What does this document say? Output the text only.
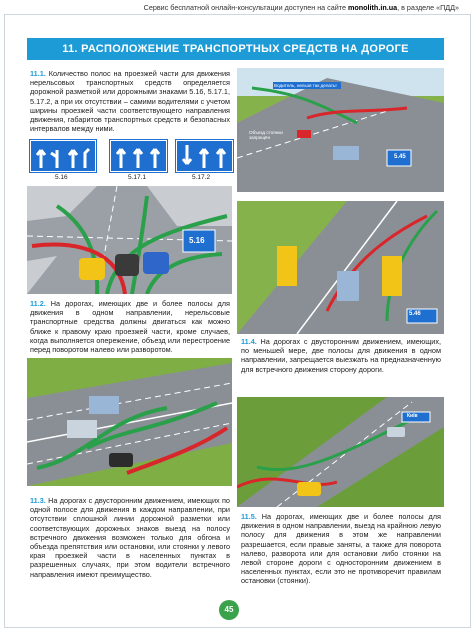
Сервис бесплатной онлайн-консультации доступен на сайте monolith.in.ua, в разделе «ПДД»
11. РАСПОЛОЖЕНИЕ ТРАНСПОРТНЫХ СРЕДСТВ НА ДОРОГЕ
11.1. Количество полос на проезжей части для движения нерельсовых транспортных средств определяется дорожной разметкой или дорожными знаками 5.16, 5.17.1, 5.17.2, а при их отсутствии – самими водителями с учетом ширины проезжей части соответствующего направления движения, габаритов транспортных средств и безопасных интервалов между ними.
5.16	5.17.1	5.17.2
5.16
11.2. На дорогах, имеющих две и более полосы для движения в одном направлении, нерельсовые транспортные средства должны двигаться как можно ближе к правому краю проезжей части, кроме случаев, когда выполняется опережение, объезд или перестроение перед поворотом налево или разворотом.
11.3. На дорогах с двусторонним движением, имеющих по одной полосе для движения в каждом направлении, при отсутствии сплошной линии дорожной разметки или соответствующих дорожных знаков выезд на полосу встречного движения возможен только для обгона и объезда препятствия или остановки, или стоянки у левого края проезжей части в населенных пунктах в разрешенных случаях, при этом водители встречного направления имеют преимущество.
Водитель, нельзя так делать!
Объезд стоянки запрещён
5.45
5.46
11.4. На дорогах с двусторонним движением, имеющих, по меньшей мере, две полосы для движения в одном направлении, запрещается выезжать на предназначенную для встречного движения сторону дороги.
Київ
11.5. На дорогах, имеющих две и более полосы для движения в одном направлении, выезд на крайнюю левую полосу для движения в этом же направлении разрешается, если правые заняты, а также для поворота налево, разворота или для остановки либо стоянки на левой стороне дороги с односторонним движением в населенных пунктах, если это не противоречит правилам остановки (стоянки).
45
